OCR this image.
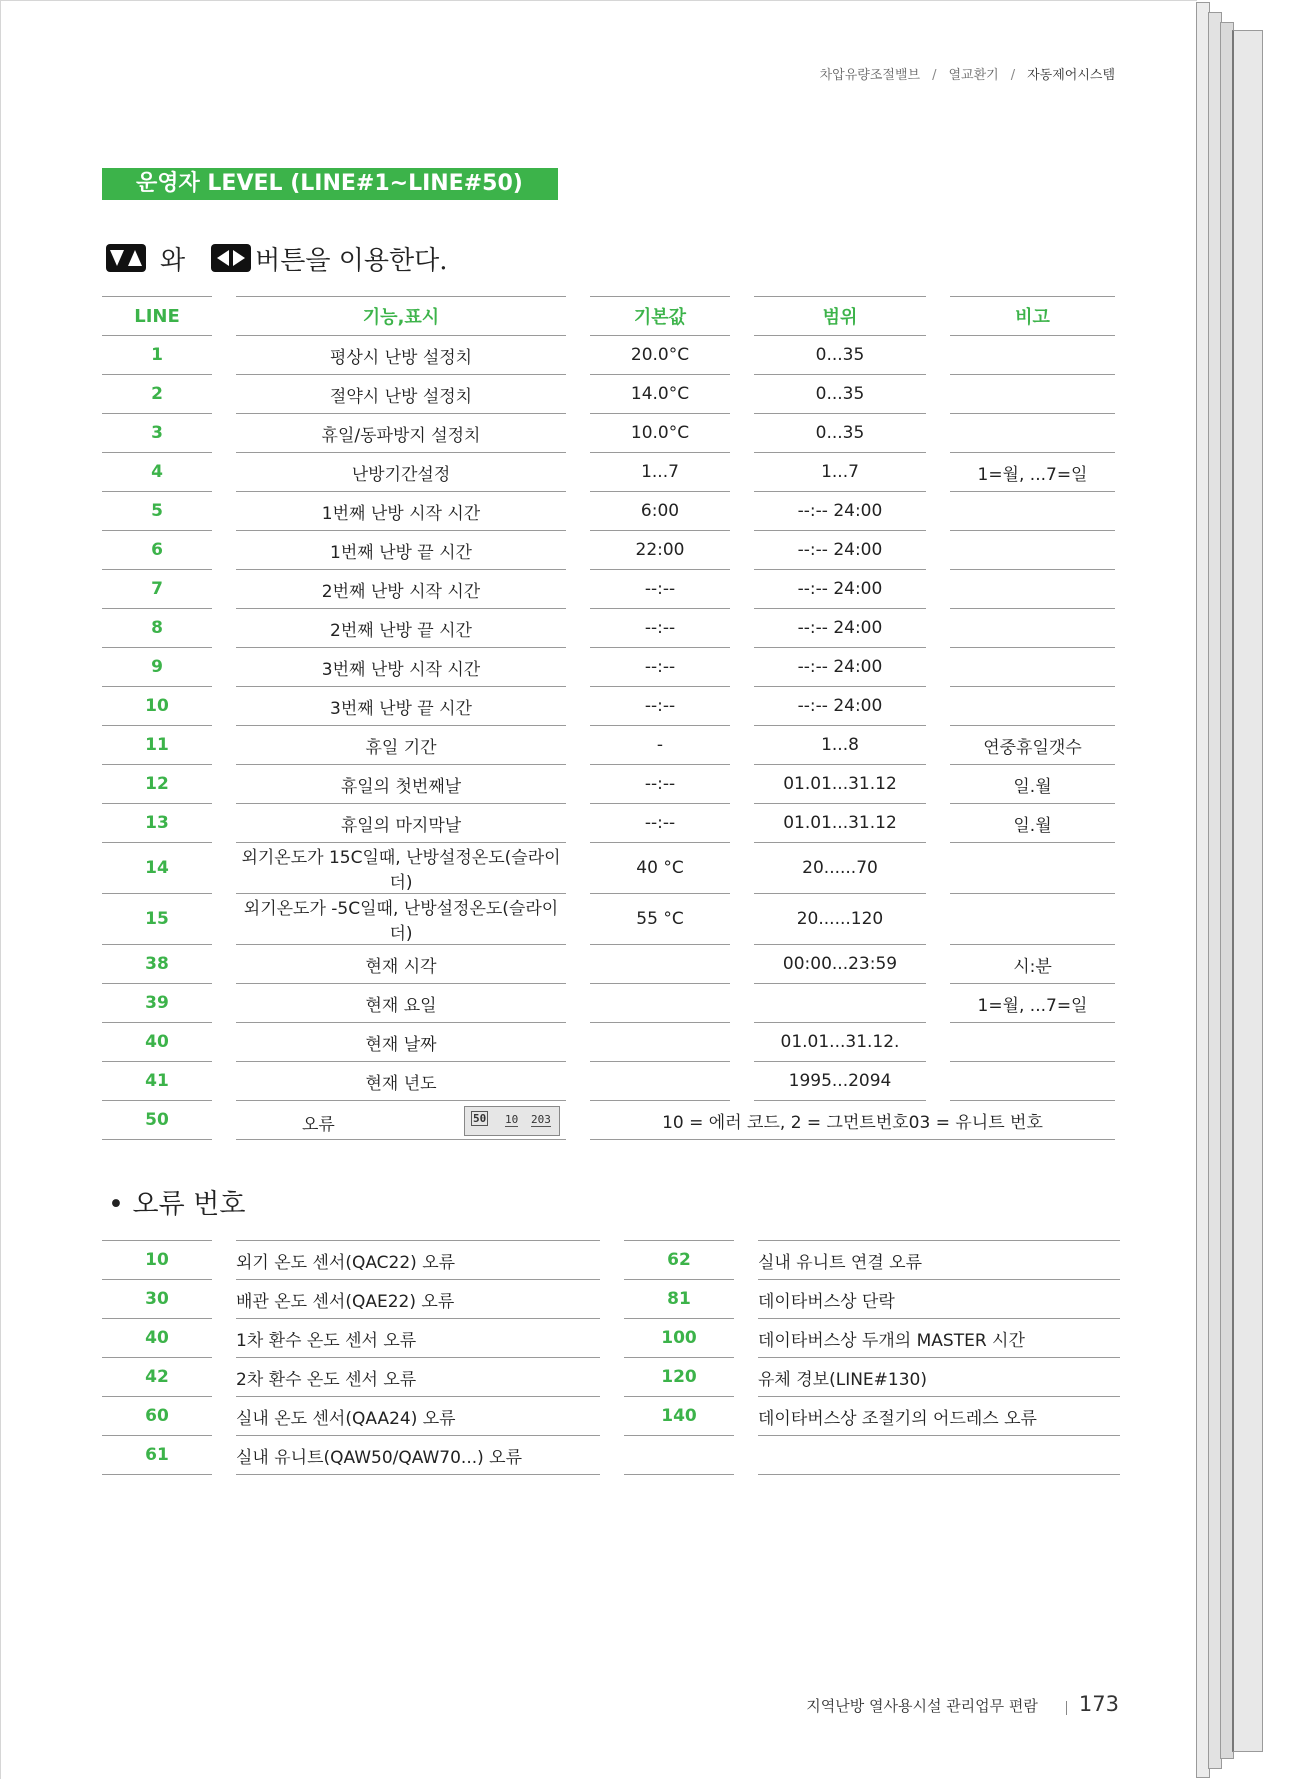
차압유량조절밸브 / 열교환기 / 자동제어시스템
운영자 LEVEL (LINE#1~LINE#50)
와	버튼을 이용한다.
LINE		기능,표시		기본값		범위		비고
1		평상시 난방 설정치		20.0°C		0...35		
2		절약시 난방 설정치		14.0°C		0...35		
3		휴일/동파방지 설정치		10.0°C		0...35		
4		난방기간설정		1...7		1...7		1=월, ...7=일
5		1번째 난방 시작 시간		6:00		--:-- 24:00		
6		1번째 난방 끝 시간		22:00		--:-- 24:00		
7		2번째 난방 시작 시간		--:--		--:-- 24:00		
8		2번째 난방 끝 시간		--:--		--:-- 24:00		
9		3번째 난방 시작 시간		--:--		--:-- 24:00		
10		3번째 난방 끝 시간		--:--		--:-- 24:00		
11		휴일 기간		-		1...8		연중휴일갯수
12		휴일의 첫번째날		--:--		01.01...31.12		일.월
13		휴일의 마지막날		--:--		01.01...31.12		일.월
14		외기온도가 15C일때, 난방설정온도(슬라이더)		40 °C		20......70		
15		외기온도가 -5C일때, 난방설정온도(슬라이더)		55 °C		20......120		
38		현재 시각				00:00...23:59		시:분
39		현재 요일						1=월, ...7=일
40		현재 날짜				01.01...31.12.		
41		현재 년도				1995...2094		
50		오류 50 10 203		10 = 에러 코드, 2 = 그먼트번호03 = 유니트 번호				
• 오류 번호
10		외기 온도 센서(QAC22) 오류		62		실내 유니트 연결 오류
30		배관 온도 센서(QAE22) 오류		81		데이타버스상 단락
40		1차 환수 온도 센서 오류		100		데이타버스상 두개의 MASTER 시간
42		2차 환수 온도 센서 오류		120		유체 경보(LINE#130)
60		실내 온도 센서(QAA24) 오류		140		데이타버스상 조절기의 어드레스 오류
61		실내 유니트(QAW50/QAW70...) 오류				
지역난방 열사용시설 관리업무 편람 173
